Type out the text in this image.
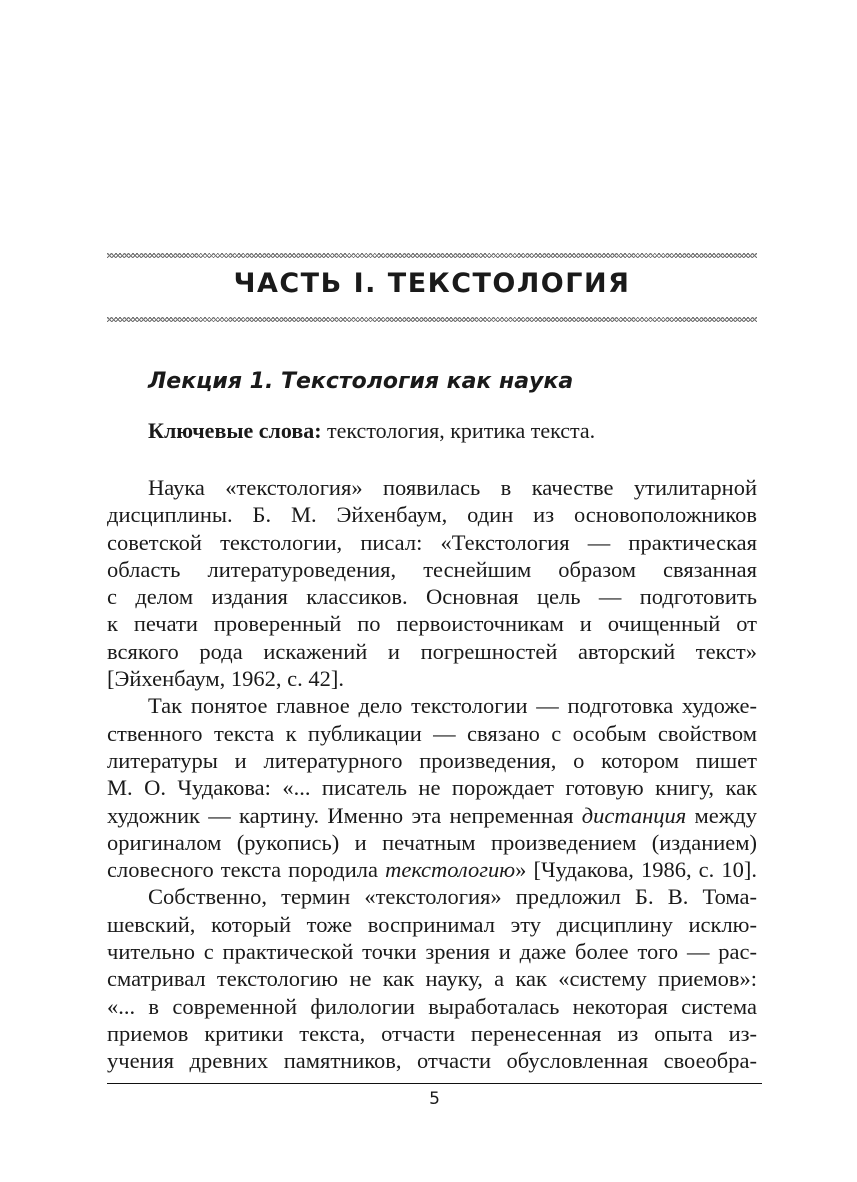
ЧАСТЬ I. ТЕКСТОЛОГИЯ
Лекция 1. Текстология как наука

Ключевые слова: текстология, критика текста.

Наука «текстология» появилась в качестве утилитарной
дисциплины. Б. М. Эйхенбаум, один из основоположников
советской текстологии, писал: «Текстология — практическая
область литературоведения, теснейшим образом связанная
с делом издания классиков. Основная цель — подготовить
к печати проверенный по первоисточникам и очищенный от
всякого рода искажений и погрешностей авторский текст»
[Эйхенбаум, 1962, с. 42].

Так понятое главное дело текстологии — подготовка художе-
ственного текста к публикации — связано с особым свойством
литературы и литературного произведения, о котором пишет
М. О. Чудакова: «... писатель не порождает готовую книгу, как
художник — картину. Именно эта непременная дистанция между
оригиналом (рукопись) и печатным произведением (изданием)
словесного текста породила текстологию» [Чудакова, 1986, с. 10].

Собственно, термин «текстология» предложил Б. В. Тома-
шевский, который тоже воспринимал эту дисциплину исклю-
чительно с практической точки зрения и даже более того — рас-
сматривал текстологию не как науку, а как «систему приемов»:
«... в современной филологии выработалась некоторая система
приемов критики текста, отчасти перенесенная из опыта из-
учения древних памятников, отчасти обусловленная своеобра-

5
